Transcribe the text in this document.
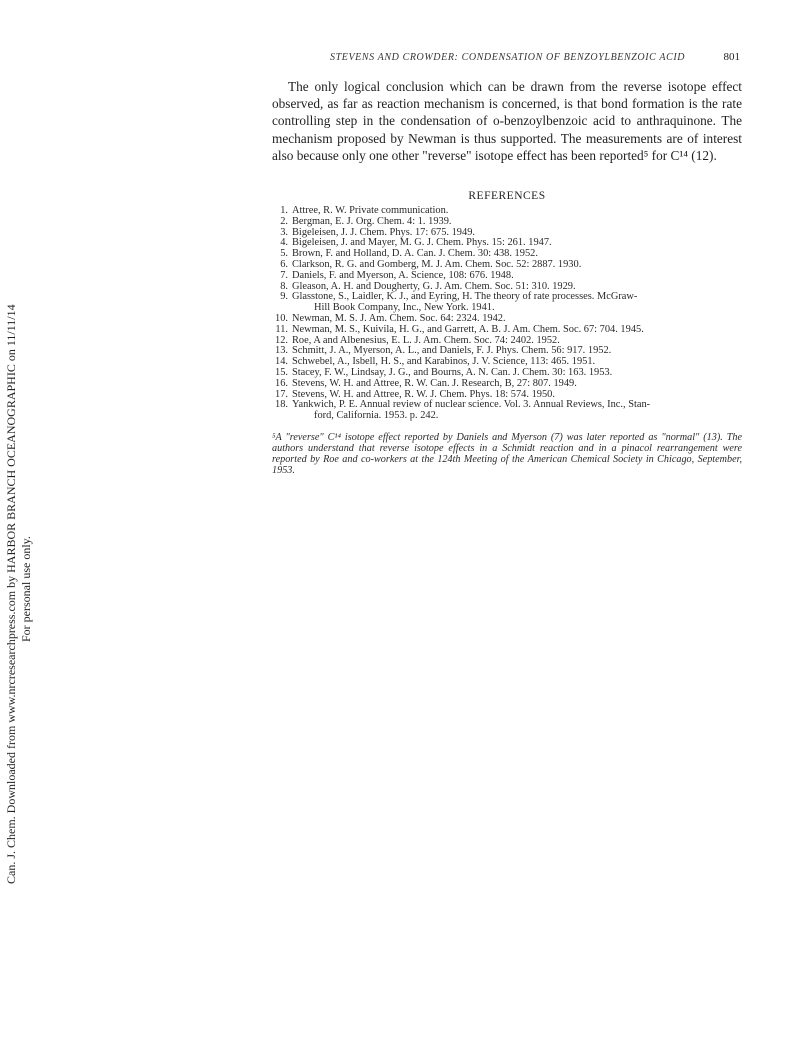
Can. J. Chem. Downloaded from www.nrcresearchpress.com by HARBOR BRANCH OCEANOGRAPHIC on 11/11/14 For personal use only.
STEVENS AND CROWDER: CONDENSATION OF BENZOYLBENZOIC ACID	801

The only logical conclusion which can be drawn from the reverse isotope effect observed, as far as reaction mechanism is concerned, is that bond formation is the rate controlling step in the condensation of o-benzoylbenzoic acid to anthraquinone. The mechanism proposed by Newman is thus supported. The measurements are of interest also because only one other "reverse" isotope effect has been reported⁵ for C¹⁴ (12).

REFERENCES
1. Attree, R. W. Private communication.
2. Bergman, E. J. Org. Chem. 4: 1. 1939.
3. Bigeleisen, J. J. Chem. Phys. 17: 675. 1949.
4. Bigeleisen, J. and Mayer, M. G. J. Chem. Phys. 15: 261. 1947.
5. Brown, F. and Holland, D. A. Can. J. Chem. 30: 438. 1952.
6. Clarkson, R. G. and Gomberg, M. J. Am. Chem. Soc. 52: 2887. 1930.
7. Daniels, F. and Myerson, A. Science, 108: 676. 1948.
8. Gleason, A. H. and Dougherty, G. J. Am. Chem. Soc. 51: 310. 1929.
9. Glasstone, S., Laidler, K. J., and Eyring, H. The theory of rate processes. McGraw-
Hill Book Company, Inc., New York. 1941.
10. Newman, M. S. J. Am. Chem. Soc. 64: 2324. 1942.
11. Newman, M. S., Kuivila, H. G., and Garrett, A. B. J. Am. Chem. Soc. 67: 704. 1945.
12. Roe, A and Albenesius, E. L. J. Am. Chem. Soc. 74: 2402. 1952.
13. Schmitt, J. A., Myerson, A. L., and Daniels, F. J. Phys. Chem. 56: 917. 1952.
14. Schwebel, A., Isbell, H. S., and Karabinos, J. V. Science, 113: 465. 1951.
15. Stacey, F. W., Lindsay, J. G., and Bourns, A. N. Can. J. Chem. 30: 163. 1953.
16. Stevens, W. H. and Attree, R. W. Can. J. Research, B, 27: 807. 1949.
17. Stevens, W. H. and Attree, R. W. J. Chem. Phys. 18: 574. 1950.
18. Yankwich, P. E. Annual review of nuclear science. Vol. 3. Annual Reviews, Inc., Stan-
ford, California. 1953. p. 242.
⁵A "reverse" C¹⁴ isotope effect reported by Daniels and Myerson (7) was later reported as "normal" (13). The authors understand that reverse isotope effects in a Schmidt reaction and in a pinacol rearrangement were reported by Roe and co-workers at the 124th Meeting of the American Chemical Society in Chicago, September, 1953.
